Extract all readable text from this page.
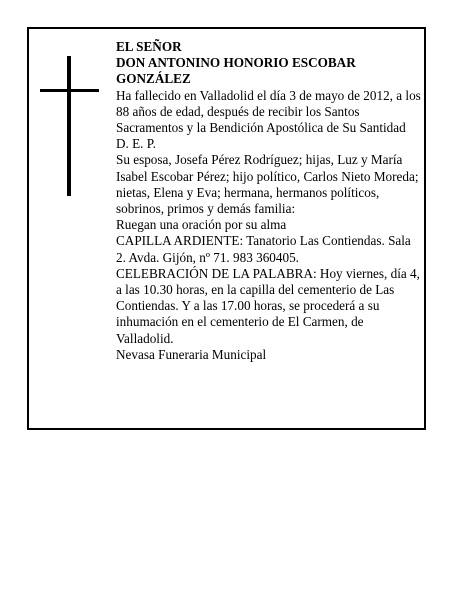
EL SEÑOR

DON ANTONINO HONORIO ESCOBAR GONZÁLEZ

Ha fallecido en Valladolid el día 3 de mayo de 2012, a los 88 años de edad, después de recibir los Santos Sacramentos y la Bendición Apostólica de Su Santidad

D. E. P.

Su esposa, Josefa Pérez Rodríguez; hijas, Luz y María Isabel Escobar Pérez; hijo político, Carlos Nieto Moreda; nietas, Elena y Eva; hermana, hermanos políticos, sobrinos, primos y demás familia:

Ruegan una oración por su alma

CAPILLA ARDIENTE: Tanatorio Las Contiendas. Sala 2. Avda. Gijón, nº 71. 983 360405.

CELEBRACIÓN DE LA PALABRA: Hoy viernes, día 4, a las 10.30 horas, en la capilla del cementerio de Las Contiendas. Y a las 17.00 horas, se procederá a su inhumación en el cementerio de El Carmen, de Valladolid.

Nevasa Funeraria Municipal
